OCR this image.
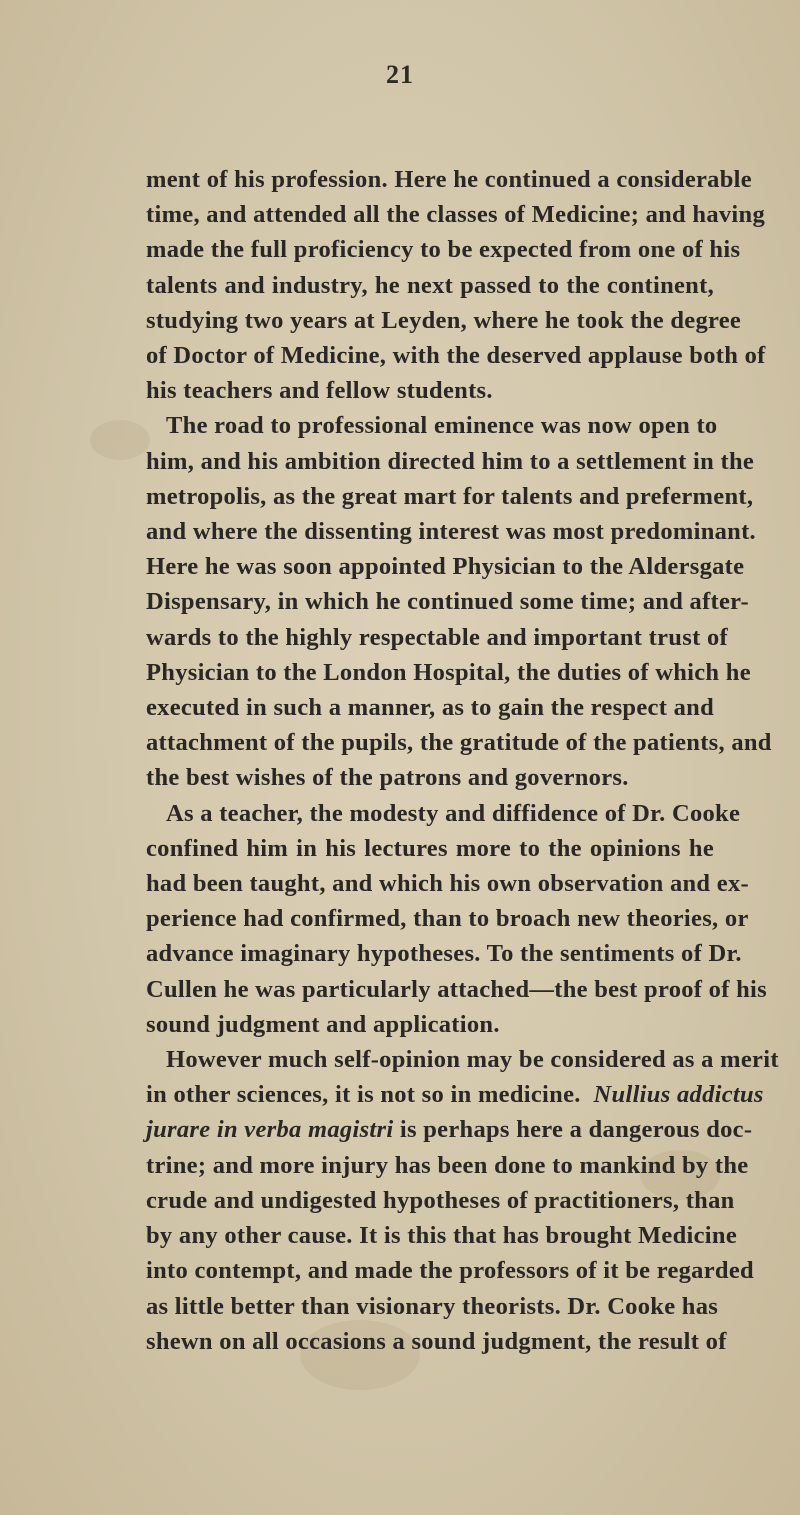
21

ment of his profession. Here he continued a considerable
time, and attended all the classes of Medicine; and having
made the full proficiency to be expected from one of his
talents and industry, he next passed to the continent,
studying two years at Leyden, where he took the degree
of Doctor of Medicine, with the deserved applause both of
his teachers and fellow students.

The road to professional eminence was now open to
him, and his ambition directed him to a settlement in the
metropolis, as the great mart for talents and preferment,
and where the dissenting interest was most predominant.
Here he was soon appointed Physician to the Aldersgate
Dispensary, in which he continued some time; and after-
wards to the highly respectable and important trust of
Physician to the London Hospital, the duties of which he
executed in such a manner, as to gain the respect and
attachment of the pupils, the gratitude of the patients, and
the best wishes of the patrons and governors.

As a teacher, the modesty and diffidence of Dr. Cooke
confined him in his lectures more to the opinions he
had been taught, and which his own observation and ex-
perience had confirmed, than to broach new theories, or
advance imaginary hypotheses. To the sentiments of Dr.
Cullen he was particularly attached—the best proof of his
sound judgment and application.

However much self-opinion may be considered as a merit
in other sciences, it is not so in medicine. Nullius addictus
jurare in verba magistri is perhaps here a dangerous doc-
trine; and more injury has been done to mankind by the
crude and undigested hypotheses of practitioners, than
by any other cause. It is this that has brought Medicine
into contempt, and made the professors of it be regarded
as little better than visionary theorists. Dr. Cooke has
shewn on all occasions a sound judgment, the result of
